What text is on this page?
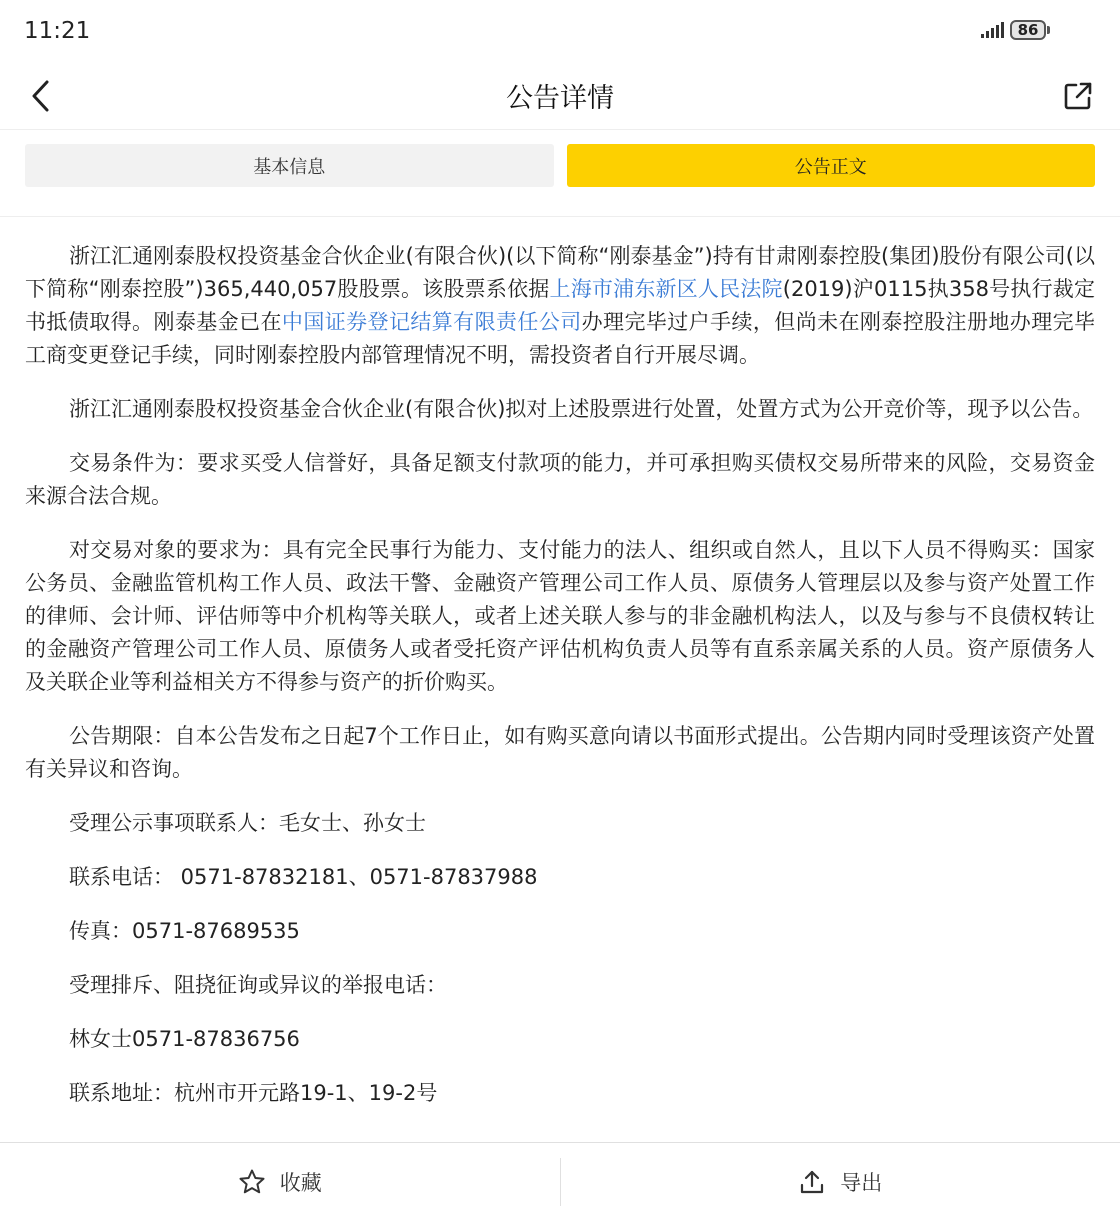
11:21	86
公告详情
基本信息	公告正文

浙江汇通刚泰股权投资基金合伙企业(有限合伙)(以下简称“刚泰基金”)持有甘肃刚泰控股(集团)股份有限公司(以下简称“刚泰控股”)365,440,057股股票。该股票系依据上海市浦东新区人民法院(2019)沪0115执358号执行裁定书抵债取得。刚泰基金已在中国证券登记结算有限责任公司办理完毕过户手续，但尚未在刚泰控股注册地办理完毕工商变更登记手续，同时刚泰控股内部管理情况不明，需投资者自行开展尽调。

浙江汇通刚泰股权投资基金合伙企业(有限合伙)拟对上述股票进行处置，处置方式为公开竞价等，现予以公告。

交易条件为：要求买受人信誉好，具备足额支付款项的能力，并可承担购买债权交易所带来的风险，交易资金来源合法合规。

对交易对象的要求为：具有完全民事行为能力、支付能力的法人、组织或自然人，且以下人员不得购买：国家公务员、金融监管机构工作人员、政法干警、金融资产管理公司工作人员、原债务人管理层以及参与资产处置工作的律师、会计师、评估师等中介机构等关联人，或者上述关联人参与的非金融机构法人，以及与参与不良债权转让的金融资产管理公司工作人员、原债务人或者受托资产评估机构负责人员等有直系亲属关系的人员。资产原债务人及关联企业等利益相关方不得参与资产的折价购买。

公告期限：自本公告发布之日起7个工作日止，如有购买意向请以书面形式提出。公告期内同时受理该资产处置有关异议和咨询。

受理公示事项联系人：毛女士、孙女士

联系电话： 0571-87832181、0571-87837988

传真：0571-87689535

受理排斥、阻挠征询或异议的举报电话：

林女士0571-87836756

联系地址：杭州市开元路19-1、19-2号

收藏	导出
